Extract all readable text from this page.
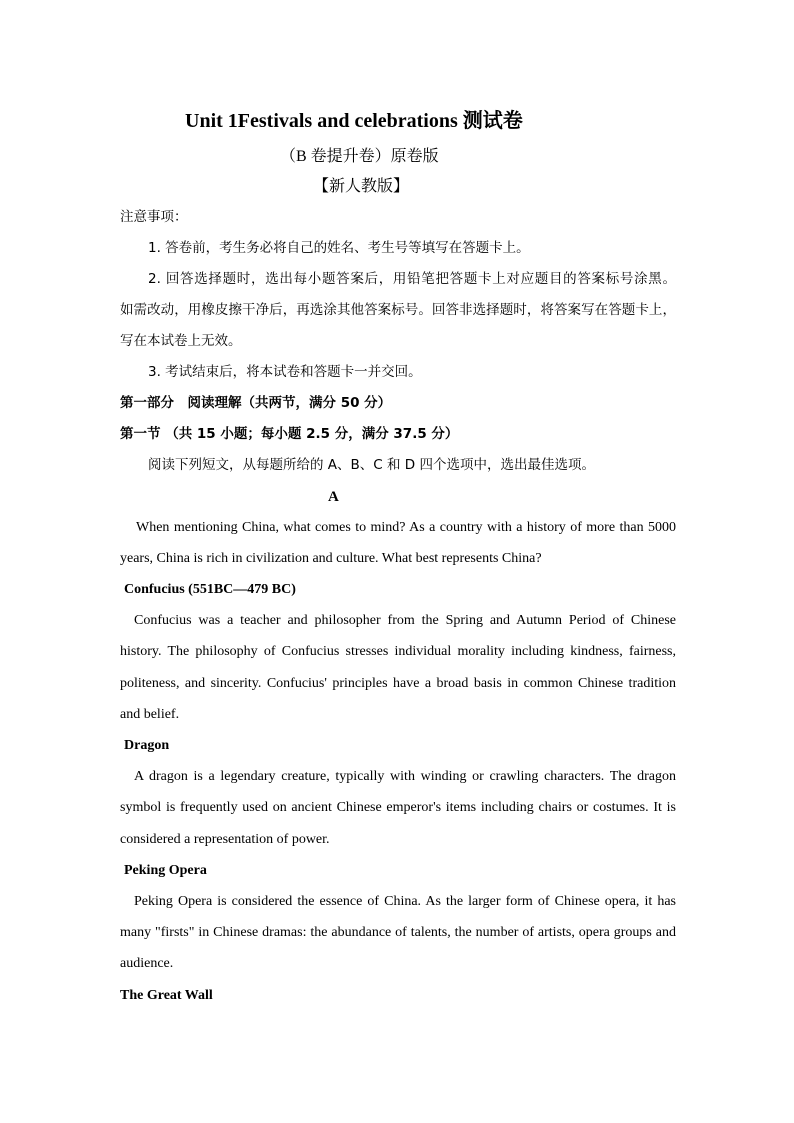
Unit 1Festivals and celebrations 测试卷
（B 卷提升卷）原卷版
【新人教版】
注意事项：
1. 答卷前，考生务必将自己的姓名、考生号等填写在答题卡上。
2. 回答选择题时，选出每小题答案后，用铅笔把答题卡上对应题目的答案标号涂黑。
如需改动，用橡皮擦干净后，再选涂其他答案标号。回答非选择题时，将答案写在答题卡上，
写在本试卷上无效。
3. 考试结束后，将本试卷和答题卡一并交回。
第一部分　阅读理解（共两节，满分 50 分）
第一节 （共 15 小题；每小题 2.5 分，满分 37.5 分）
阅读下列短文，从每题所给的 A、B、C 和 D 四个选项中，选出最佳选项。
A
When mentioning China, what comes to mind? As a country with a history of more than 5000
years, China is rich in civilization and culture. What best represents China?
Confucius (551BC—479 BC)
Confucius was a teacher and philosopher from the Spring and Autumn Period of Chinese
history. The philosophy of Confucius stresses individual morality including kindness, fairness,
politeness, and sincerity. Confucius' principles have a broad basis in common Chinese tradition
and belief.
Dragon
A dragon is a legendary creature, typically with winding or crawling characters. The dragon
symbol is frequently used on ancient Chinese emperor's items including chairs or costumes. It is
considered a representation of power.
Peking Opera
Peking Opera is considered the essence of China. As the larger form of Chinese opera, it has
many "firsts" in Chinese dramas: the abundance of talents, the number of artists, opera groups and
audience.
The Great Wall
